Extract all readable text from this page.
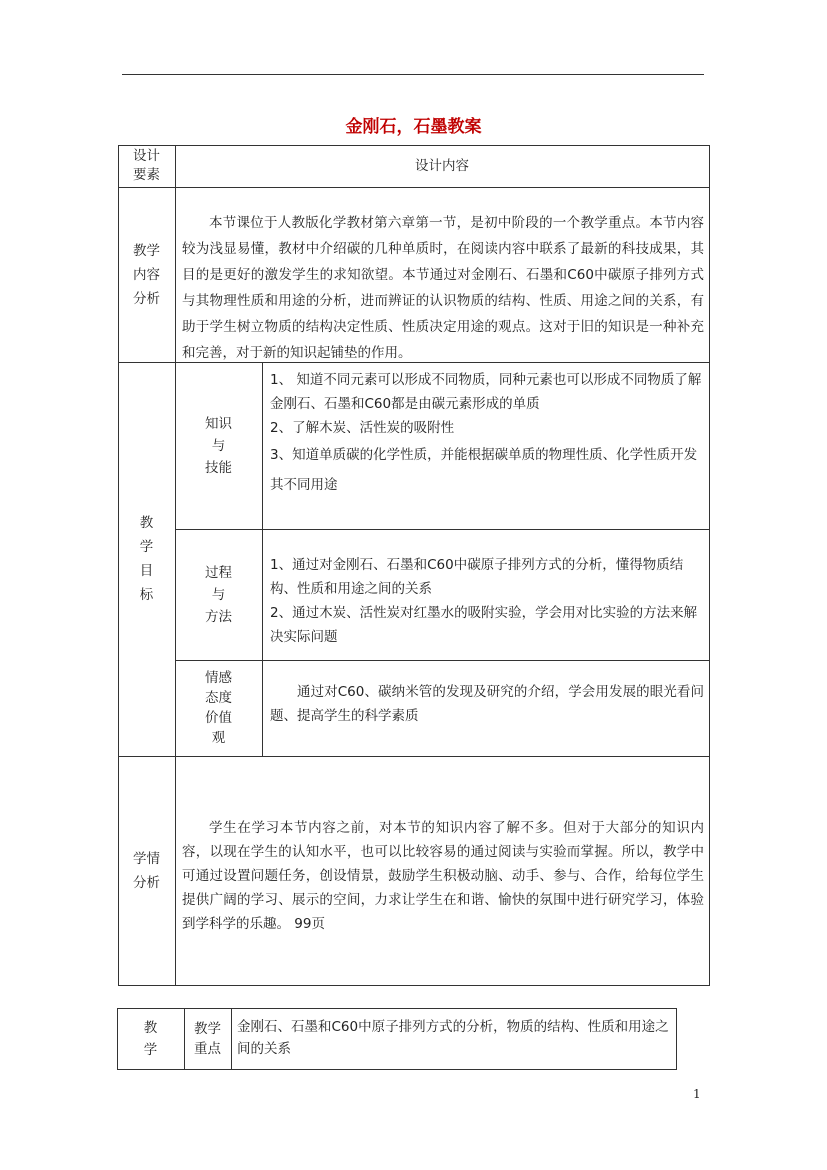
金刚石，石墨教案
设计
要素
设计内容
教学
内容
分析
本节课位于人教版化学教材第六章第一节，是初中阶段的一个教学重点。本节内容较为浅显易懂，教材中介绍碳的几种单质时，在阅读内容中联系了最新的科技成果，其目的是更好的激发学生的求知欲望。本节通过对金刚石、石墨和C60中碳原子排列方式与其物理性质和用途的分析，进而辨证的认识物质的结构、性质、用途之间的关系，有助于学生树立物质的结构决定性质、性质决定用途的观点。这对于旧的知识是一种补充和完善，对于新的知识起铺垫的作用。
教
学
目
标
知识
与
技能
1、 知道不同元素可以形成不同物质，同种元素也可以形成不同物质了解金刚石、石墨和C60都是由碳元素形成的单质
2、了解木炭、活性炭的吸附性
3、知道单质碳的化学性质，并能根据碳单质的物理性质、化学性质开发其不同用途
过程
与
方法
1、通过对金刚石、石墨和C60中碳原子排列方式的分析，懂得物质结构、性质和用途之间的关系
2、通过木炭、活性炭对红墨水的吸附实验，学会用对比实验的方法来解决实际问题
情感
态度
价值
观
通过对C60、碳纳米管的发现及研究的介绍，学会用发展的眼光看问题、提高学生的科学素质
学情
分析
学生在学习本节内容之前，对本节的知识内容了解不多。但对于大部分的知识内容，以现在学生的认知水平，也可以比较容易的通过阅读与实验而掌握。所以，教学中可通过设置问题任务，创设情景，鼓励学生积极动脑、动手、参与、合作，给每位学生提供广阔的学习、展示的空间，力求让学生在和谐、愉快的氛围中进行研究学习，体验到学科学的乐趣。 99页
教
学
教学
重点
金刚石、石墨和C60中原子排列方式的分析，物质的结构、性质和用途之间的关系
1
